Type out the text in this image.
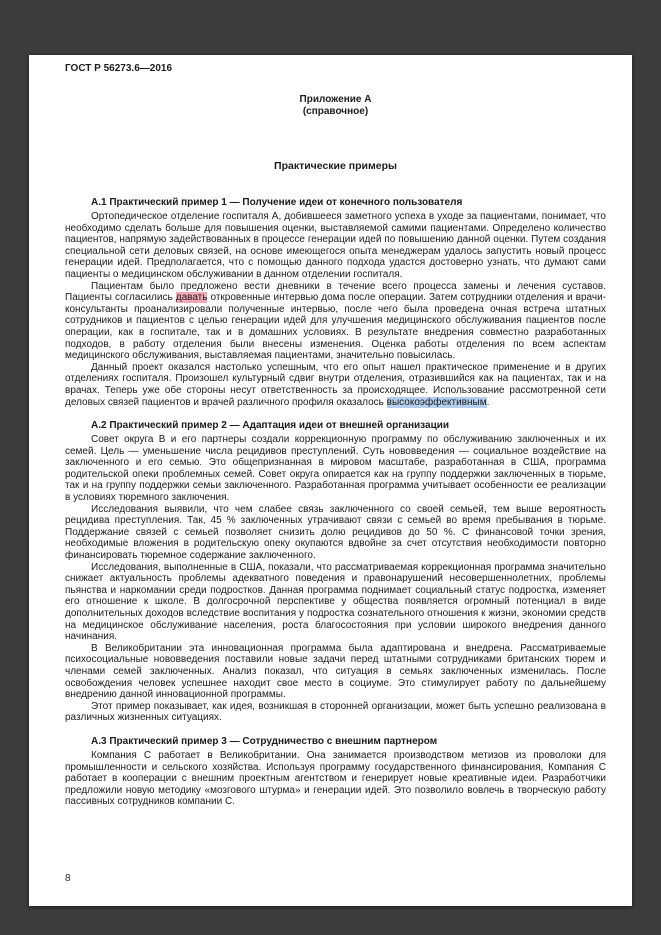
ГОСТ Р 56273.6—2016
Приложение А
(справочное)
Практические примеры
А.1 Практический пример 1 — Получение идеи от конечного пользователя

Ортопедическое отделение госпиталя А, добившееся заметного успеха в уходе за пациентами, понимает, что необходимо сделать больше для повышения оценки, выставляемой самими пациентами. Определено количество пациентов, напрямую задействованных в процессе генерации идей по повышению данной оценки. Путем создания специальной сети деловых связей, на основе имеющегося опыта менеджерам удалось запустить новый процесс генерации идей. Предполагается, что с помощью данного подхода удастся достоверно узнать, что думают сами пациенты о медицинском обслуживании в данном отделении госпиталя.

Пациентам было предложено вести дневники в течение всего процесса замены и лечения суставов. Пациенты согласились давать откровенные интервью дома после операции. Затем сотрудники отделения и врачи-консультанты проанализировали полученные интервью, после чего была проведена очная встреча штатных сотрудников и пациентов с целью генерации идей для улучшения медицинского обслуживания пациентов после операции, как в госпитале, так и в домашних условиях. В результате внедрения совместно разработанных подходов, в работу отделения были внесены изменения. Оценка работы отделения по всем аспектам медицинского обслуживания, выставляемая пациентами, значительно повысилась.

Данный проект оказался настолько успешным, что его опыт нашел практическое применение и в других отделениях госпиталя. Произошел культурный сдвиг внутри отделения, отразившийся как на пациентах, так и на врачах. Теперь уже обе стороны несут ответственность за происходящее. Использование рассмотренной сети деловых связей пациентов и врачей различного профиля оказалось высокоэффективным.

А.2 Практический пример 2 — Адаптация идеи от внешней организации

Совет округа В и его партнеры создали коррекционную программу по обслуживанию заключенных и их семей. Цель — уменьшение числа рецидивов преступлений. Суть нововведения — социальное воздействие на заключенного и его семью. Это общепризнанная в мировом масштабе, разработанная в США, программа родительской опеки проблемных семей. Совет округа опирается как на группу поддержки заключенных в тюрьме, так и на группу поддержки семьи заключенного. Разработанная программа учитывает особенности ее реализации в условиях тюремного заключения.

Исследования выявили, что чем слабее связь заключенного со своей семьей, тем выше вероятность рецидива преступления. Так, 45 % заключенных утрачивают связи с семьей во время пребывания в тюрьме. Поддержание связей с семьей позволяет снизить долю рецидивов до 50 %. С финансовой точки зрения, необходимые вложения в родительскую опеку окупаются вдвойне за счет отсутствия необходимости повторно финансировать тюремное содержание заключенного.

Исследования, выполненные в США, показали, что рассматриваемая коррекционная программа значительно снижает актуальность проблемы адекватного поведения и правонарушений несовершеннолетних, проблемы пьянства и наркомании среди подростков. Данная программа поднимает социальный статус подростка, изменяет его отношение к школе. В долгосрочной перспективе у общества появляется огромный потенциал в виде дополнительных доходов вследствие воспитания у подростка сознательного отношения к жизни, экономии средств на медицинское обслуживание населения, роста благосостояния при условии широкого внедрения данного начинания.

В Великобритании эта инновационная программа была адаптирована и внедрена. Рассматриваемые психосоциальные нововведения поставили новые задачи перед штатными сотрудниками британских тюрем и членами семей заключенных. Анализ показал, что ситуация в семьях заключенных изменилась. После освобождения человек успешнее находит свое место в социуме. Это стимулирует работу по дальнейшему внедрению данной инновационной программы.

Этот пример показывает, как идея, возникшая в сторонней организации, может быть успешно реализована в различных жизненных ситуациях.

А.3 Практический пример 3 — Сотрудничество с внешним партнером

Компания С работает в Великобритании. Она занимается производством метизов из проволоки для промышленности и сельского хозяйства. Используя программу государственного финансирования, Компания С работает в кооперации с внешним проектным агентством и генерирует новые креативные идеи. Разработчики предложили новую методику «мозгового штурма» и генерации идей. Это позволило вовлечь в творческую работу пассивных сотрудников компании С.

8
